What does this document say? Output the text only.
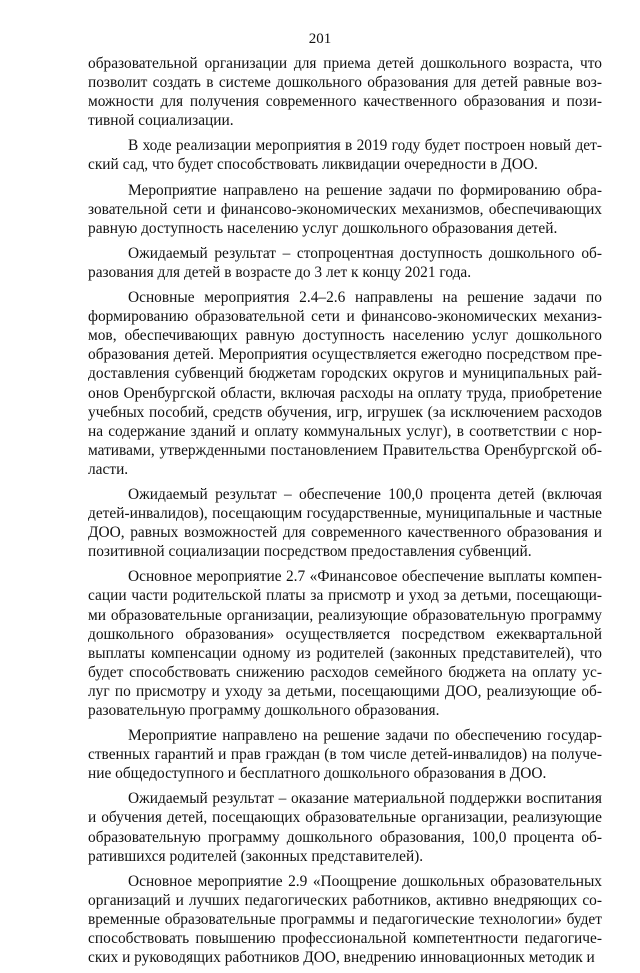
201

образовательной организации для приема детей дошкольного возраста, что позволит создать в системе дошкольного образования для детей равные возможности для получения современного качественного образования и позитивной социализации.

В ходе реализации мероприятия в 2019 году будет построен новый детский сад, что будет способствовать ликвидации очередности в ДОО.

Мероприятие направлено на решение задачи по формированию образовательной сети и финансово-экономических механизмов, обеспечивающих равную доступность населению услуг дошкольного образования детей.

Ожидаемый результат – стопроцентная доступность дошкольного образования для детей в возрасте до 3 лет к концу 2021 года.

Основные мероприятия 2.4–2.6 направлены на решение задачи по формированию образовательной сети и финансово-экономических механизмов, обеспечивающих равную доступность населению услуг дошкольного образования детей. Мероприятия осуществляется ежегодно посредством предоставления субвенций бюджетам городских округов и муниципальных районов Оренбургской области, включая расходы на оплату труда, приобретение учебных пособий, средств обучения, игр, игрушек (за исключением расходов на содержание зданий и оплату коммунальных услуг), в соответствии с нормативами, утвержденными постановлением Правительства Оренбургской области.

Ожидаемый результат – обеспечение 100,0 процента детей (включая детей-инвалидов), посещающим государственные, муниципальные и частные ДОО, равных возможностей для современного качественного образования и позитивной социализации посредством предоставления субвенций.

Основное мероприятие 2.7 «Финансовое обеспечение выплаты компенсации части родительской платы за присмотр и уход за детьми, посещающими образовательные организации, реализующие образовательную программу дошкольного образования» осуществляется посредством ежеквартальной выплаты компенсации одному из родителей (законных представителей), что будет способствовать снижению расходов семейного бюджета на оплату услуг по присмотру и уходу за детьми, посещающими ДОО, реализующие образовательную программу дошкольного образования.

Мероприятие направлено на решение задачи по обеспечению государственных гарантий и прав граждан (в том числе детей-инвалидов) на получение общедоступного и бесплатного дошкольного образования в ДОО.

Ожидаемый результат – оказание материальной поддержки воспитания и обучения детей, посещающих образовательные организации, реализующие образовательную программу дошкольного образования, 100,0 процента обратившихся родителей (законных представителей).

Основное мероприятие 2.9 «Поощрение дошкольных образовательных организаций и лучших педагогических работников, активно внедряющих современные образовательные программы и педагогические технологии» будет способствовать повышению профессиональной компетентности педагогических и руководящих работников ДОО, внедрению инновационных методик и
